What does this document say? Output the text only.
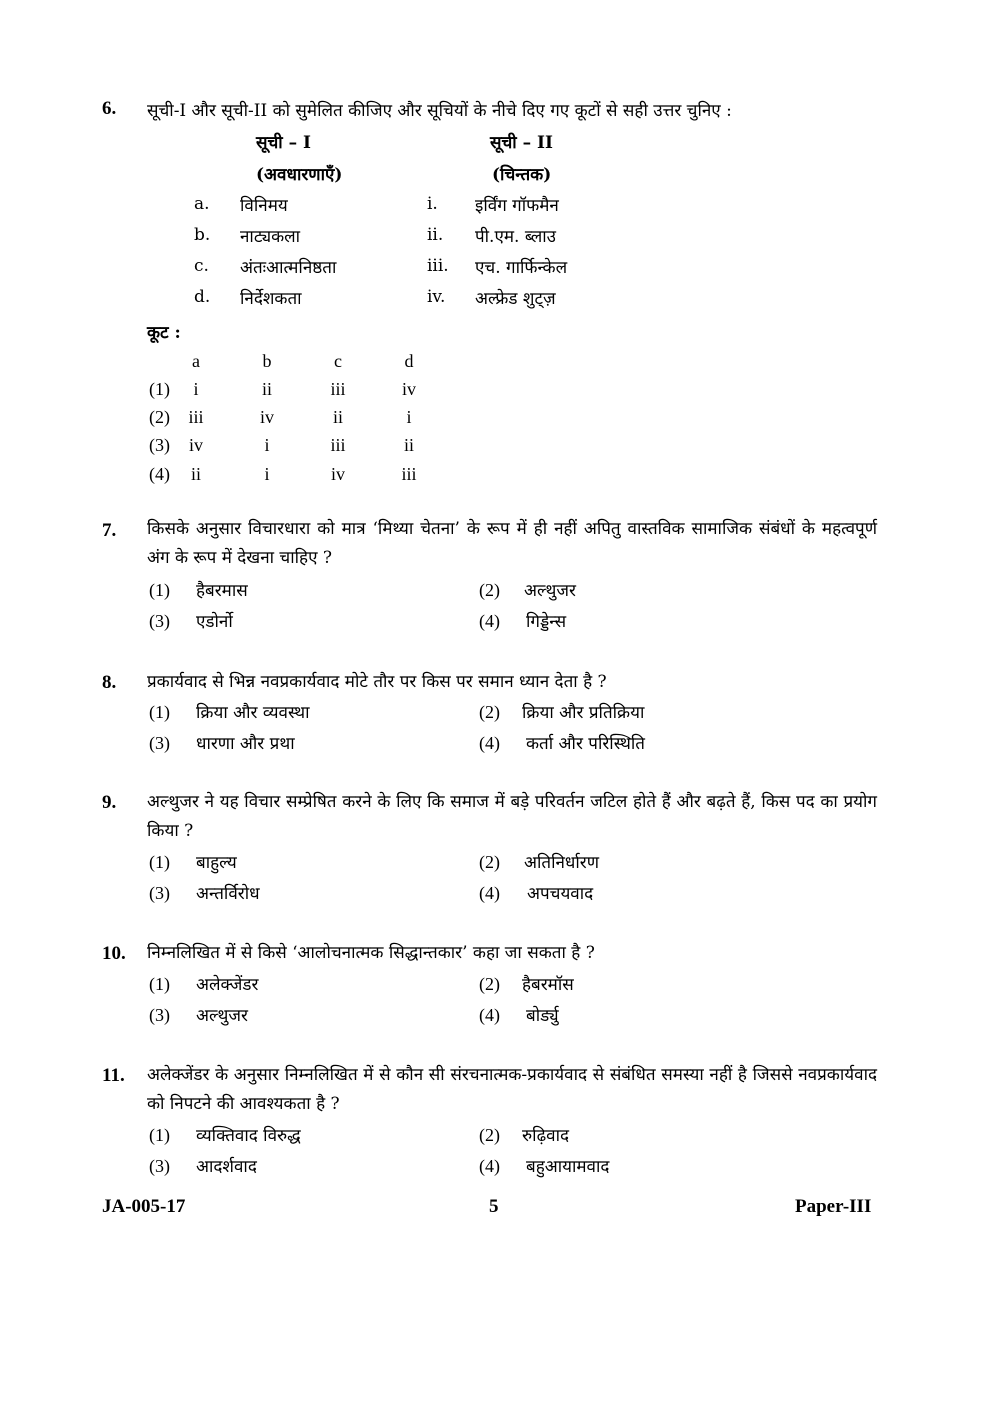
6. सूची-I और सूची-II को सुमेलित कीजिए और सूचियों के नीचे दिए गए कूटों से सही उत्तर चुनिए :
सूची – I
(अवधारणाएँ)
सूची – II
(चिन्तक)
a. विनिमय	i. इर्विंग गॉफमैन
b. नाट्यकला	ii. पी.एम. ब्लाउ
c. अंतःआत्मनिष्ठता	iii. एच. गार्फिन्केल
d. निर्देशकता	iv. अल्फ्रेड शुट्ज़
कूट :
a	b	c	d
(1)	i	ii	iii	iv
(2)	iii	iv	ii	i
(3)	iv	i	iii	ii
(4)	ii	i	iv	iii
7. किसके अनुसार विचारधारा को मात्र ‘मिथ्या चेतना’ के रूप में ही नहीं अपितु वास्तविक सामाजिक संबंधों के महत्वपूर्ण अंग के रूप में देखना चाहिए ?
(1) हैबरमास	(2) अल्थुजर
(3) एडोर्नो	(4) गिड्डेन्स
8. प्रकार्यवाद से भिन्न नवप्रकार्यवाद मोटे तौर पर किस पर समान ध्यान देता है ?
(1) क्रिया और व्यवस्था	(2) क्रिया और प्रतिक्रिया
(3) धारणा और प्रथा	(4) कर्ता और परिस्थिति
9. अल्थुजर ने यह विचार सम्प्रेषित करने के लिए कि समाज में बड़े परिवर्तन जटिल होते हैं और बढ़ते हैं, किस पद का प्रयोग किया ?
(1) बाहुल्य	(2) अतिनिर्धारण
(3) अन्तर्विरोध	(4) अपचयवाद
10. निम्नलिखित में से किसे ‘आलोचनात्मक सिद्धान्तकार’ कहा जा सकता है ?
(1) अलेक्जेंडर	(2) हैबरमॉस
(3) अल्थुजर	(4) बोर्ड्यु
11. अलेक्जेंडर के अनुसार निम्नलिखित में से कौन सी संरचनात्मक-प्रकार्यवाद से संबंधित समस्या नहीं है जिससे नवप्रकार्यवाद को निपटने की आवश्यकता है ?
(1) व्यक्तिवाद विरुद्ध	(2) रुढ़िवाद
(3) आदर्शवाद	(4) बहुआयामवाद
JA-005-17	5	Paper-III
